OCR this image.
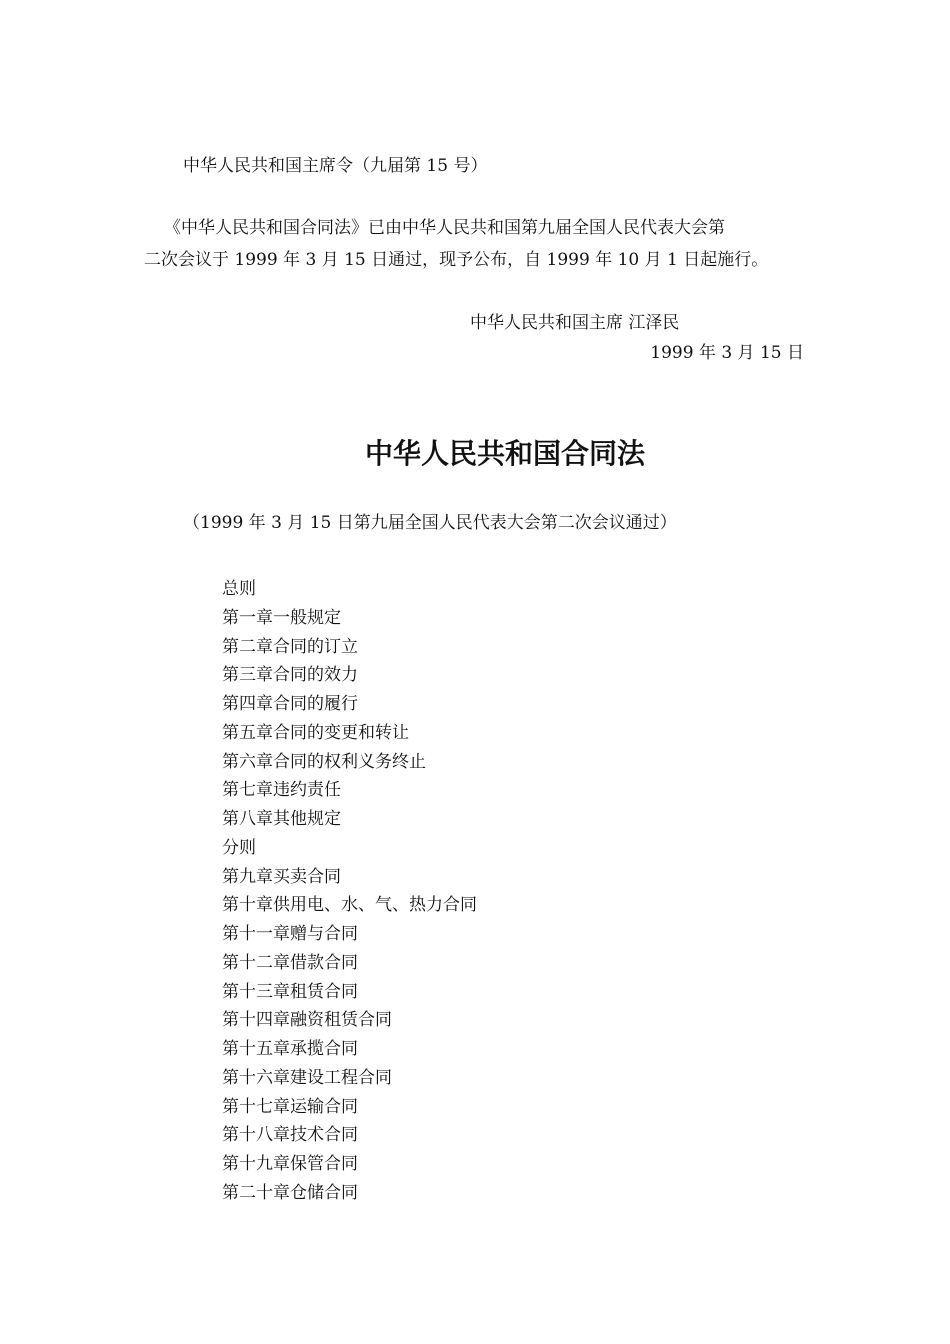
中华人民共和国主席令（九届第 15 号）
《中华人民共和国合同法》已由中华人民共和国第九届全国人民代表大会第
二次会议于 1999 年 3 月 15 日通过，现予公布，自 1999 年 10 月 1 日起施行。
中华人民共和国主席 江泽民
1999 年 3 月 15 日
中华人民共和国合同法
（1999 年 3 月 15 日第九届全国人民代表大会第二次会议通过）
总则
第一章一般规定
第二章合同的订立
第三章合同的效力
第四章合同的履行
第五章合同的变更和转让
第六章合同的权利义务终止
第七章违约责任
第八章其他规定
分则
第九章买卖合同
第十章供用电、水、气、热力合同
第十一章赠与合同
第十二章借款合同
第十三章租赁合同
第十四章融资租赁合同
第十五章承揽合同
第十六章建设工程合同
第十七章运输合同
第十八章技术合同
第十九章保管合同
第二十章仓储合同
